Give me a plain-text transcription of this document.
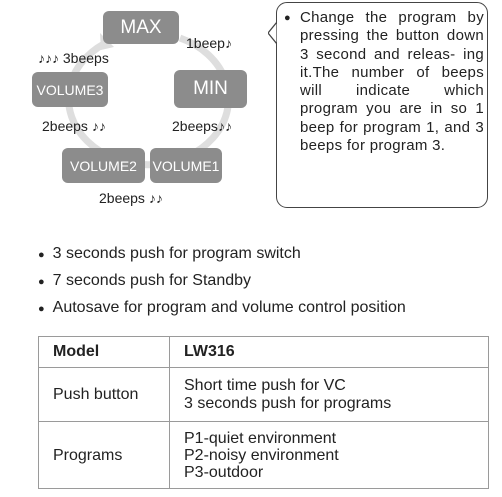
MAX
MIN
VOLUME3
VOLUME2	VOLUME1
1beep♪
♪♪♪ 3beeps
2beeps ♪♪	2beeps♪♪
2beeps ♪♪
● Change the program by pressing the button down 3 second and releas- ing it.The number of beeps will indicate which program you are in so 1 beep for program 1, and 3 beeps for program 3.

● 3 seconds push for program switch
● 7 seconds push for Standby
● Autosave for program and volume control position
Model	LW316
Push button	Short time push for VC
3 seconds push for programs

Programs	P1-quiet environment
P2-noisy environment
P3-outdoor
